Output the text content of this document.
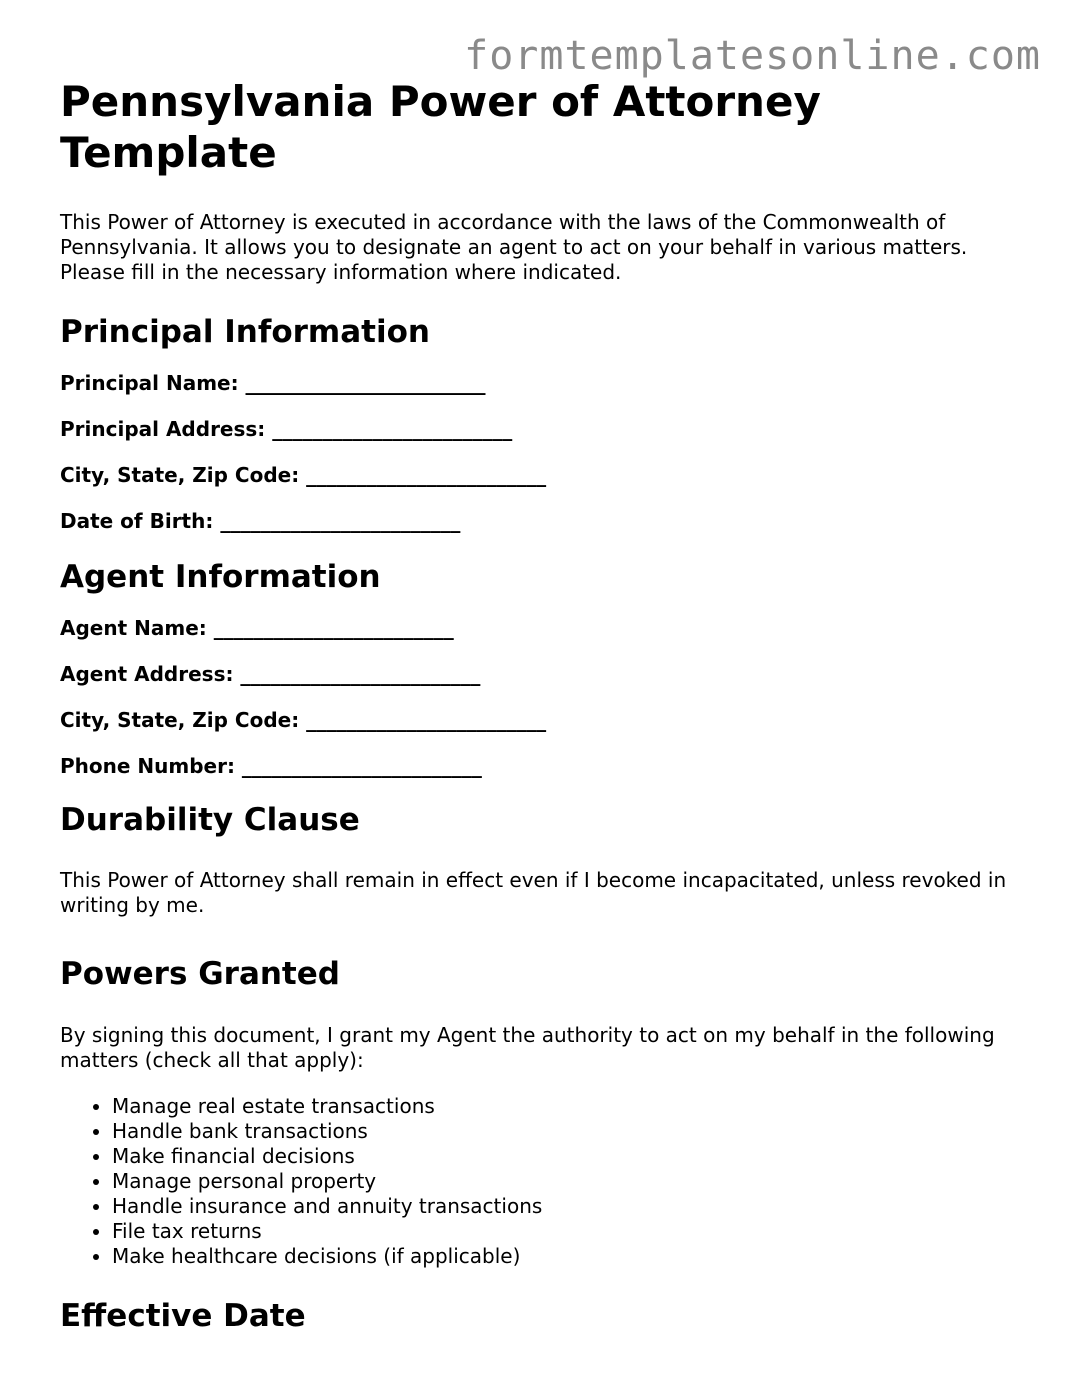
formtemplatesonline.com
Pennsylvania Power of Attorney Template

This Power of Attorney is executed in accordance with the laws of the Commonwealth of Pennsylvania. It allows you to designate an agent to act on your behalf in various matters. Please fill in the necessary information where indicated.

Principal Information

Principal Name: ________________________

Principal Address: ________________________

City, State, Zip Code: ________________________

Date of Birth: ________________________

Agent Information

Agent Name: ________________________

Agent Address: ________________________

City, State, Zip Code: ________________________

Phone Number: ________________________

Durability Clause

This Power of Attorney shall remain in effect even if I become incapacitated, unless revoked in writing by me.

Powers Granted

By signing this document, I grant my Agent the authority to act on my behalf in the following matters (check all that apply):

• Manage real estate transactions
• Handle bank transactions
• Make financial decisions
• Manage personal property
• Handle insurance and annuity transactions
• File tax returns
• Make healthcare decisions (if applicable)
Effective Date
